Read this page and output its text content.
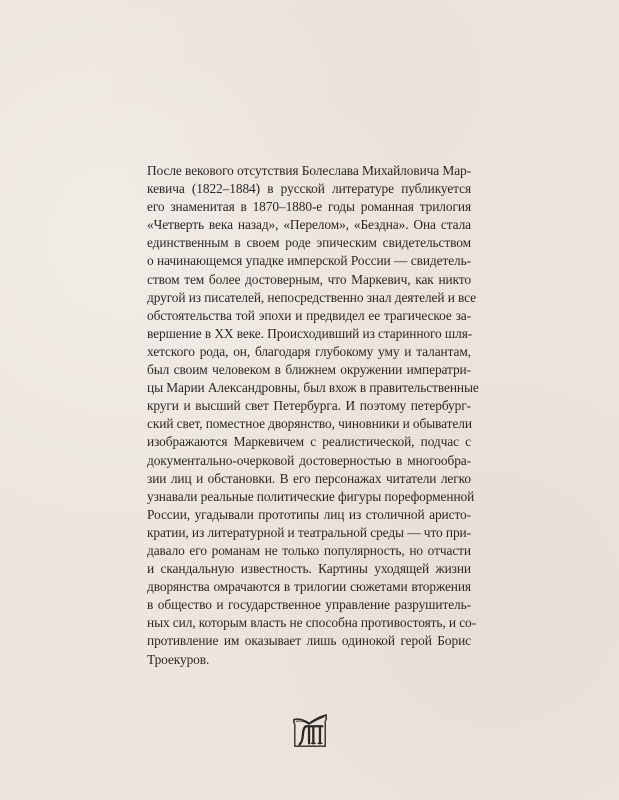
После векового отсутствия Болеслава Михайловича Мар-
кевича (1822–1884) в русской литературе публикуется
его знаменитая в 1870–1880-е годы романная трилогия
«Четверть века назад», «Перелом», «Бездна». Она стала
единственным в своем роде эпическим свидетельством
о начинающемся упадке имперской России — свидетель-
ством тем более достоверным, что Маркевич, как никто
другой из писателей, непосредственно знал деятелей и все
обстоятельства той эпохи и предвидел ее трагическое за-
вершение в XX веке. Происходивший из старинного шля-
хетского рода, он, благодаря глубокому уму и талантам,
был своим человеком в ближнем окружении императри-
цы Марии Александровны, был вхож в правительственные
круги и высший свет Петербурга. И поэтому петербург-
ский свет, поместное дворянство, чиновники и обыватели
изображаются Маркевичем с реалистической, подчас с
документально-очерковой достоверностью в многообра-
зии лиц и обстановки. В его персонажах читатели легко
узнавали реальные политические фигуры пореформенной
России, угадывали прототипы лиц из столичной аристо-
кратии, из литературной и театральной среды — что при-
давало его романам не только популярность, но отчасти
и скандальную известность. Картины уходящей жизни
дворянства омрачаются в трилогии сюжетами вторжения
в общество и государственное управление разрушитель-
ных сил, которым власть не способна противостоять, и со-
противление им оказывает лишь одинокой герой Борис
Троекуров.
